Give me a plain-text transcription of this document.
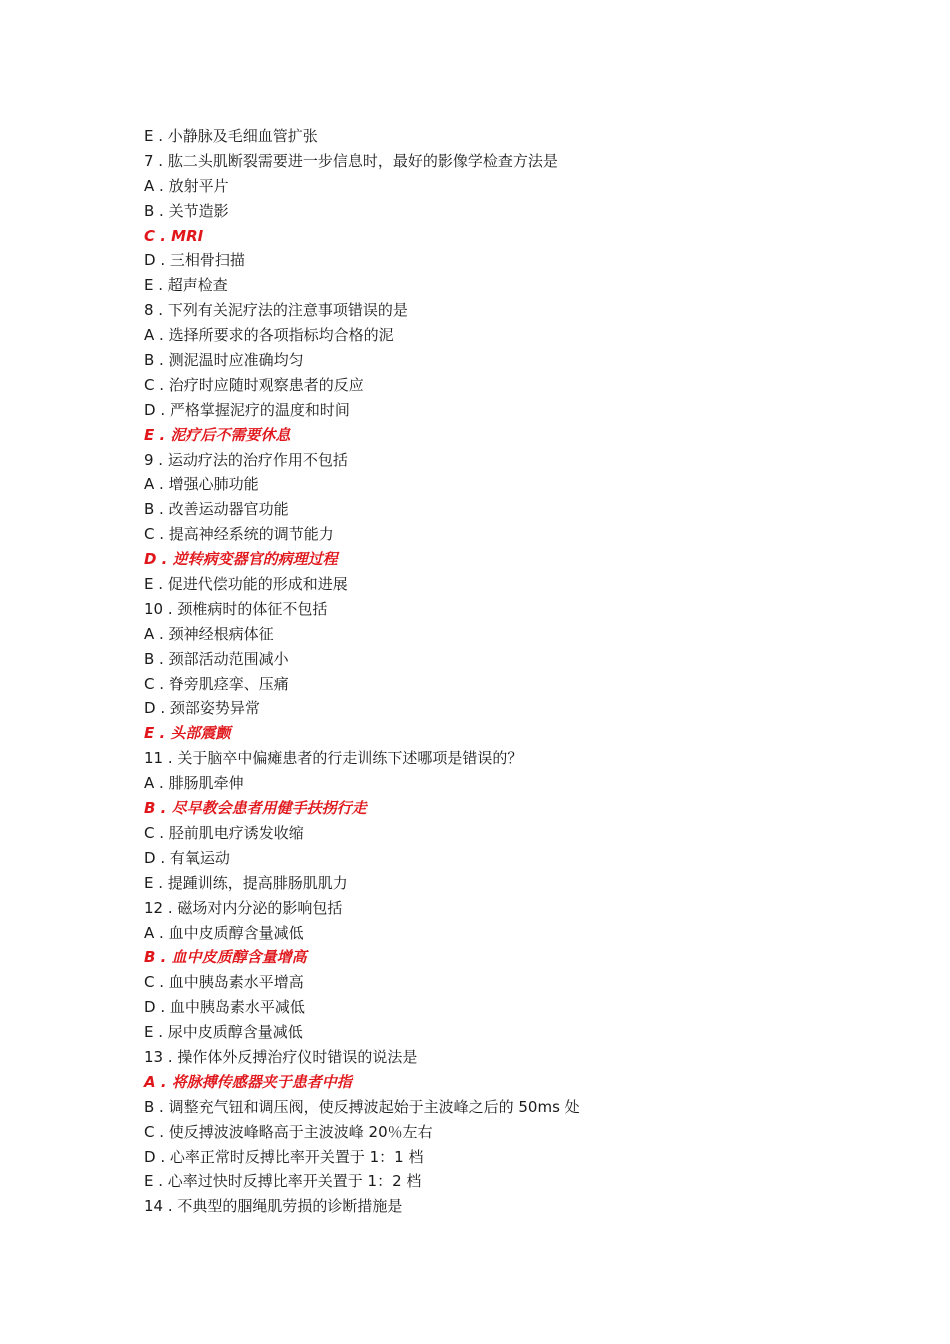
E . 小静脉及毛细血管扩张
7 . 肱二头肌断裂需要进一步信息时，最好的影像学检查方法是
A . 放射平片
B . 关节造影
C . MRI
D . 三相骨扫描
E . 超声检查
8 . 下列有关泥疗法的注意事项错误的是
A . 选择所要求的各项指标均合格的泥
B . 测泥温时应准确均匀
C . 治疗时应随时观察患者的反应
D . 严格掌握泥疗的温度和时间
E . 泥疗后不需要休息
9 . 运动疗法的治疗作用不包括
A . 增强心肺功能
B . 改善运动器官功能
C . 提高神经系统的调节能力
D . 逆转病变器官的病理过程
E . 促进代偿功能的形成和进展
10 . 颈椎病时的体征不包括
A . 颈神经根病体征
B . 颈部活动范围减小
C . 脊旁肌痉挛、压痛
D . 颈部姿势异常
E . 头部震颤
11 . 关于脑卒中偏瘫患者的行走训练下述哪项是错误的？
A . 腓肠肌牵伸
B . 尽早教会患者用健手扶拐行走
C . 胫前肌电疗诱发收缩
D . 有氧运动
E . 提踵训练，提高腓肠肌肌力
12 . 磁场对内分泌的影响包括
A . 血中皮质醇含量减低
B . 血中皮质醇含量增高
C . 血中胰岛素水平增高
D . 血中胰岛素水平减低
E . 尿中皮质醇含量减低
13 . 操作体外反搏治疗仪时错误的说法是
A . 将脉搏传感器夹于患者中指
B . 调整充气钮和调压阀，使反搏波起始于主波峰之后的 50ms 处
C . 使反搏波波峰略高于主波波峰 20％左右
D . 心率正常时反搏比率开关置于 1：1 档
E . 心率过快时反搏比率开关置于 1：2 档
14 . 不典型的腘绳肌劳损的诊断措施是
